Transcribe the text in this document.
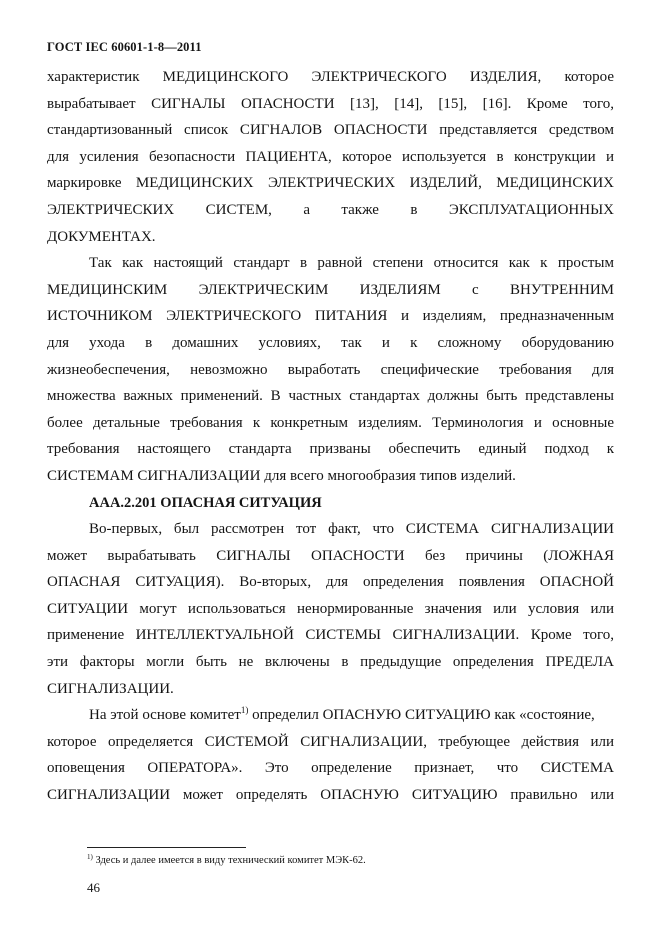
ГОСТ IEC 60601-1-8—2011
характеристик МЕДИЦИНСКОГО ЭЛЕКТРИЧЕСКОГО ИЗДЕЛИЯ, которое
вырабатывает СИГНАЛЫ ОПАСНОСТИ [13], [14], [15], [16]. Кроме того,
стандартизованный список СИГНАЛОВ ОПАСНОСТИ представляется средством
для усиления безопасности ПАЦИЕНТА, которое используется в конструкции и
маркировке МЕДИЦИНСКИХ ЭЛЕКТРИЧЕСКИХ ИЗДЕЛИЙ, МЕДИЦИНСКИХ
ЭЛЕКТРИЧЕСКИХ СИСТЕМ, а также в ЭКСПЛУАТАЦИОННЫХ
ДОКУМЕНТАХ.
Так как настоящий стандарт в равной степени относится как к простым
МЕДИЦИНСКИМ ЭЛЕКТРИЧЕСКИМ ИЗДЕЛИЯМ с ВНУТРЕННИМ
ИСТОЧНИКОМ ЭЛЕКТРИЧЕСКОГО ПИТАНИЯ и изделиям, предназначенным
для ухода в домашних условиях, так и к сложному оборудованию
жизнеобеспечения, невозможно выработать специфические требования для
множества важных применений. В частных стандартах должны быть представлены
более детальные требования к конкретным изделиям. Терминология и основные
требования настоящего стандарта призваны обеспечить единый подход к
СИСТЕМАМ СИГНАЛИЗАЦИИ для всего многообразия типов изделий.
ААА.2.201 ОПАСНАЯ СИТУАЦИЯ
Во-первых, был рассмотрен тот факт, что СИСТЕМА СИГНАЛИЗАЦИИ
может вырабатывать СИГНАЛЫ ОПАСНОСТИ без причины (ЛОЖНАЯ
ОПАСНАЯ СИТУАЦИЯ). Во-вторых, для определения появления ОПАСНОЙ
СИТУАЦИИ могут использоваться ненормированные значения или условия или
применение ИНТЕЛЛЕКТУАЛЬНОЙ СИСТЕМЫ СИГНАЛИЗАЦИИ. Кроме того,
эти факторы могли быть не включены в предыдущие определения ПРЕДЕЛА
СИГНАЛИЗАЦИИ.
На этой основе комитет$^{1)}$ определил ОПАСНУЮ СИТУАЦИЮ как «состояние,
которое определяется СИСТЕМОЙ СИГНАЛИЗАЦИИ, требующее действия или
оповещения ОПЕРАТОРА». Это определение признает, что СИСТЕМА
СИГНАЛИЗАЦИИ может определять ОПАСНУЮ СИТУАЦИЮ правильно или
$^{1)}$ Здесь и далее имеется в виду технический комитет МЭК-62.
46
